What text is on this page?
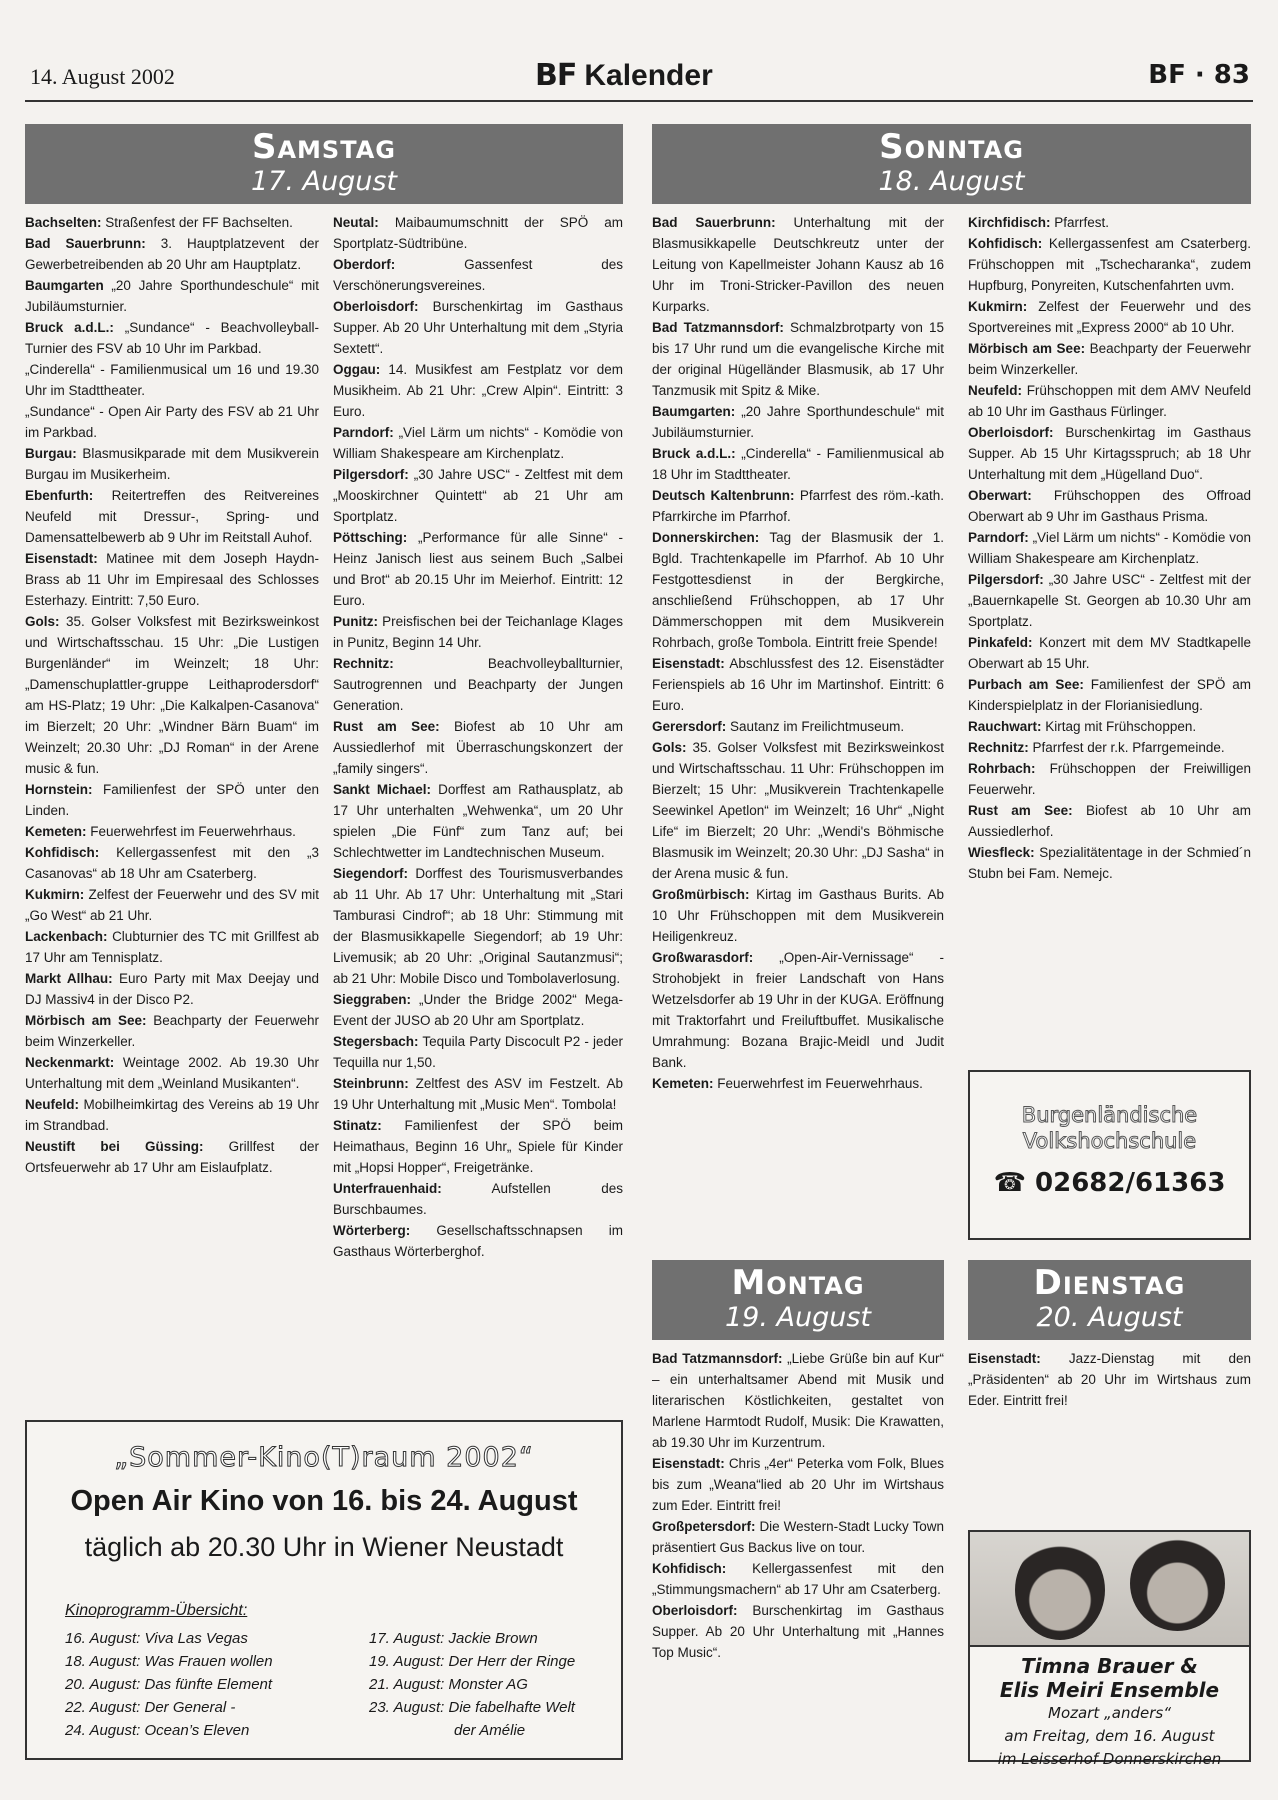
14. August 2002	BF Kalender	BF · 83
Samstag
17. August
Sonntag
18. August
Montag
19. August
Dienstag
20. August

Bachselten: Straßenfest der FF Bachselten.

Bad Sauerbrunn: 3. Hauptplatzevent der Gewerbetreibenden ab 20 Uhr am Hauptplatz.

Baumgarten „20 Jahre Sporthundeschule“ mit Jubiläumsturnier.

Bruck a.d.L.: „Sundance“ - Beachvolleyball-Turnier des FSV ab 10 Uhr im Parkbad.

„Cinderella“ - Familienmusical um 16 und 19.30 Uhr im Stadttheater.

„Sundance“ - Open Air Party des FSV ab 21 Uhr im Parkbad.

Burgau: Blasmusikparade mit dem Musikverein Burgau im Musikerheim.

Ebenfurth: Reitertreffen des Reitvereines Neufeld mit Dressur-, Spring- und Damensattelbewerb ab 9 Uhr im Reitstall Auhof.

Eisenstadt: Matinee mit dem Joseph Haydn-Brass ab 11 Uhr im Empiresaal des Schlosses Esterhazy. Eintritt: 7,50 Euro.

Gols: 35. Golser Volksfest mit Bezirksweinkost und Wirtschaftsschau. 15 Uhr: „Die Lustigen Burgenländer“ im Weinzelt; 18 Uhr: „Damenschuplattler-gruppe Leithaprodersdorf“ am HS-Platz; 19 Uhr: „Die Kalkalpen-Casanova“ im Bierzelt; 20 Uhr: „Windner Bärn Buam“ im Weinzelt; 20.30 Uhr: „DJ Roman“ in der Arene music & fun.

Hornstein: Familienfest der SPÖ unter den Linden.

Kemeten: Feuerwehrfest im Feuerwehrhaus.

Kohfidisch: Kellergassenfest mit den „3 Casanovas“ ab 18 Uhr am Csaterberg.

Kukmirn: Zelfest der Feuerwehr und des SV mit „Go West“ ab 21 Uhr.

Lackenbach: Clubturnier des TC mit Grillfest ab 17 Uhr am Tennisplatz.

Markt Allhau: Euro Party mit Max Deejay und DJ Massiv4 in der Disco P2.

Mörbisch am See: Beachparty der Feuerwehr beim Winzerkeller.

Neckenmarkt: Weintage 2002. Ab 19.30 Uhr Unterhaltung mit dem „Weinland Musikanten“.

Neufeld: Mobilheimkirtag des Vereins ab 19 Uhr im Strandbad.

Neustift bei Güssing: Grillfest der Ortsfeuerwehr ab 17 Uhr am Eislaufplatz.

Neutal: Maibaumumschnitt der SPÖ am Sportplatz-Südtribüne.

Oberdorf:	Gassenfest des Verschönerungsvereines.

Oberloisdorf: Burschenkirtag im Gasthaus Supper. Ab 20 Uhr Unterhaltung mit dem „Styria Sextett“.

Oggau: 14. Musikfest am Festplatz vor dem Musikheim. Ab 21 Uhr: „Crew Alpin“. Eintritt: 3 Euro.

Parndorf: „Viel Lärm um nichts“ - Komödie von William Shakespeare am Kirchenplatz.

Pilgersdorf: „30 Jahre USC“ - Zeltfest mit dem „Mooskirchner Quintett“ ab 21 Uhr am Sportplatz.

Pöttsching: „Performance für alle Sinne“ - Heinz Janisch liest aus seinem Buch „Salbei und Brot“ ab 20.15 Uhr im Meierhof. Eintritt: 12 Euro.

Punitz: Preisfischen bei der Teichanlage Klages in Punitz, Beginn 14 Uhr.

Rechnitz:	Beachvolleyballturnier, Sautrogrennen und Beachparty der Jungen Generation.

Rust am See: Biofest ab 10 Uhr am Aussiedlerhof mit Überraschungskonzert der „family singers“.

Sankt Michael: Dorffest am Rathausplatz, ab 17 Uhr unterhalten „Wehwenka“, um 20 Uhr spielen „Die Fünf“ zum Tanz auf; bei Schlechtwetter im Landtechnischen Museum.

Siegendorf: Dorffest des Tourismusverbandes ab 11 Uhr. Ab 17 Uhr: Unterhaltung mit „Stari Tamburasi Cindrof“; ab 18 Uhr: Stimmung mit der Blasmusikkapelle Siegendorf; ab 19 Uhr: Livemusik; ab 20 Uhr: „Original Sautanzmusi“; ab 21 Uhr: Mobile Disco und Tombolaverlosung.

Sieggraben: „Under the Bridge 2002“ Mega-Event der JUSO ab 20 Uhr am Sportplatz.

Stegersbach: Tequila Party Discocult P2 - jeder Tequilla nur 1,50.

Steinbrunn: Zeltfest des ASV im Festzelt. Ab 19 Uhr Unterhaltung mit „Music Men“. Tombola!

Stinatz: Familienfest der SPÖ beim Heimathaus, Beginn 16 Uhr„ Spiele für Kinder mit „Hopsi Hopper“, Freigetränke.

Unterfrauenhaid:	Aufstellen des Burschbaumes.

Wörterberg: Gesellschaftsschnapsen im Gasthaus Wörterberghof.

Bad Sauerbrunn: Unterhaltung mit der Blasmusikkapelle Deutschkreutz unter der Leitung von Kapellmeister Johann Kausz ab 16 Uhr im Troni-Stricker-Pavillon des neuen Kurparks.

Bad Tatzmannsdorf: Schmalzbrotparty von 15 bis 17 Uhr rund um die evangelische Kirche mit der original Hügelländer Blasmusik, ab 17 Uhr Tanzmusik mit Spitz & Mike.

Baumgarten: „20 Jahre Sporthundeschule“ mit Jubiläumsturnier.

Bruck a.d.L.: „Cinderella“ - Familienmusical ab 18 Uhr im Stadttheater.

Deutsch Kaltenbrunn: Pfarrfest des röm.-kath. Pfarrkirche im Pfarrhof.

Donnerskirchen: Tag der Blasmusik der 1. Bgld. Trachtenkapelle im Pfarrhof. Ab 10 Uhr Festgottesdienst in der Bergkirche, anschließend Frühschoppen, ab 17 Uhr Dämmerschoppen mit dem Musikverein Rohrbach, große Tombola. Eintritt freie Spende!

Eisenstadt: Abschlussfest des 12. Eisenstädter Ferienspiels ab 16 Uhr im Martinshof. Eintritt: 6 Euro.

Gerersdorf: Sautanz im Freilichtmuseum.

Gols: 35. Golser Volksfest mit Bezirksweinkost und Wirtschaftsschau. 11 Uhr: Frühschoppen im Bierzelt; 15 Uhr: „Musikverein Trachtenkapelle Seewinkel Apetlon“ im Weinzelt; 16 Uhr“ „Night Life“ im Bierzelt; 20 Uhr: „Wendi's Böhmische Blasmusik im Weinzelt; 20.30 Uhr: „DJ Sasha“ in der Arena music & fun.

Großmürbisch: Kirtag im Gasthaus Burits. Ab 10 Uhr Frühschoppen mit dem Musikverein Heiligenkreuz.

Großwarasdorf: „Open-Air-Vernissage“ - Strohobjekt in freier Landschaft von Hans Wetzelsdorfer ab 19 Uhr in der KUGA. Eröffnung mit Traktorfahrt und Freiluftbuffet. Musikalische Umrahmung: Bozana Brajic-Meidl und Judit Bank.

Kemeten: Feuerwehrfest im Feuerwehrhaus.

Kirchfidisch: Pfarrfest.

Kohfidisch: Kellergassenfest am Csaterberg. Frühschoppen mit „Tschecharanka“, zudem Hupfburg, Ponyreiten, Kutschenfahrten uvm.

Kukmirn: Zelfest der Feuerwehr und des Sportvereines mit „Express 2000“ ab 10 Uhr.

Mörbisch am See: Beachparty der Feuerwehr beim Winzerkeller.

Neufeld: Frühschoppen mit dem AMV Neufeld ab 10 Uhr im Gasthaus Fürlinger.

Oberloisdorf: Burschenkirtag im Gasthaus Supper. Ab 15 Uhr Kirtagsspruch; ab 18 Uhr Unterhaltung mit dem „Hügelland Duo“.

Oberwart: Frühschoppen des Offroad Oberwart ab 9 Uhr im Gasthaus Prisma.

Parndorf: „Viel Lärm um nichts“ - Komödie von William Shakespeare am Kirchenplatz.

Pilgersdorf: „30 Jahre USC“ - Zeltfest mit der „Bauernkapelle St. Georgen ab 10.30 Uhr am Sportplatz.

Pinkafeld: Konzert mit dem MV Stadtkapelle Oberwart ab 15 Uhr.

Purbach am See: Familienfest der SPÖ am Kinderspielplatz in der Florianisiedlung.

Rauchwart: Kirtag mit Frühschoppen.

Rechnitz: Pfarrfest der r.k. Pfarrgemeinde.

Rohrbach: Frühschoppen der Freiwilligen Feuerwehr.

Rust am See: Biofest ab 10 Uhr am Aussiedlerhof.

Wiesfleck: Spezialitätentage in der Schmied´n Stubn bei Fam. Nemejc.

Bad Tatzmannsdorf: „Liebe Grüße bin auf Kur“ – ein unterhaltsamer Abend mit Musik und literarischen Köstlichkeiten, gestaltet von Marlene Harmtodt Rudolf, Musik: Die Krawatten, ab 19.30 Uhr im Kurzentrum.

Eisenstadt: Chris „4er“ Peterka vom Folk, Blues bis zum „Weana“lied ab 20 Uhr im Wirtshaus zum Eder. Eintritt frei!

Großpetersdorf: Die Western-Stadt Lucky Town präsentiert Gus Backus live on tour.

Kohfidisch: Kellergassenfest mit den „Stimmungsmachern“ ab 17 Uhr am Csaterberg.

Oberloisdorf: Burschenkirtag im Gasthaus Supper. Ab 20 Uhr Unterhaltung mit „Hannes Top Music“.

Eisenstadt: Jazz-Dienstag mit den „Präsidenten“ ab 20 Uhr im Wirtshaus zum Eder. Eintritt frei!

Burgenländische
Volkshochschule
☎ 02682/61363
„Sommer-Kino(T)raum 2002“
Open Air Kino von 16. bis 24. August
täglich ab 20.30 Uhr in Wiener Neustadt
Kinoprogramm-Übersicht:
16. August: Viva Las Vegas
18. August: Was Frauen wollen
20. August: Das fünfte Element
22. August: Der General -
24. August: Ocean’s Eleven
17. August: Jackie Brown
19. August: Der Herr der Ringe
21. August: Monster AG
23. August: Die fabelhafte Welt
der Amélie
Timna Brauer &
Elis Meiri Ensemble
Mozart „anders“
am Freitag, dem 16. August
im Leisserhof Donnerskirchen
